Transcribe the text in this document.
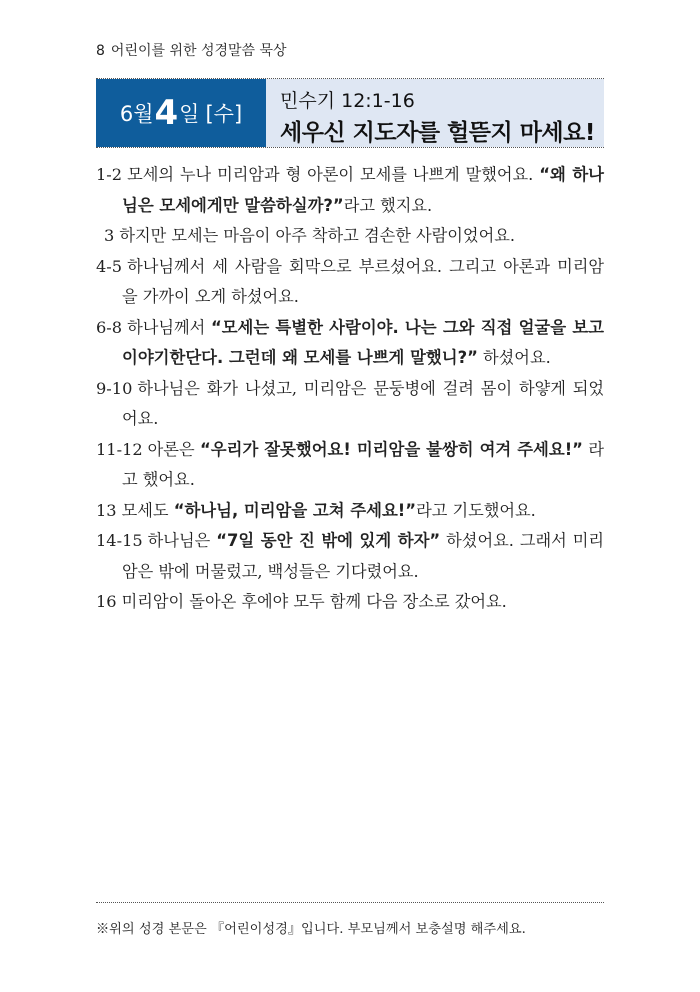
8 어린이를 위한 성경말씀 묵상
6월 4 일 [수]
민수기 12:1-16
세우신 지도자를 헐뜯지 마세요!
1-2 모세의 누나 미리암과 형 아론이 모세를 나쁘게 말했어요. “왜 하나님은 모세에게만 말씀하실까?”라고 했지요.
3 하지만 모세는 마음이 아주 착하고 겸손한 사람이었어요.
4-5 하나님께서 세 사람을 회막으로 부르셨어요. 그리고 아론과 미리암을 가까이 오게 하셨어요.
6-8 하나님께서 “모세는 특별한 사람이야. 나는 그와 직접 얼굴을 보고 이야기한단다. 그런데 왜 모세를 나쁘게 말했니?” 하셨어요.
9-10 하나님은 화가 나셨고, 미리암은 문둥병에 걸려 몸이 하얗게 되었어요.
11-12 아론은 “우리가 잘못했어요! 미리암을 불쌍히 여겨 주세요!” 라고 했어요.
13 모세도 “하나님, 미리암을 고쳐 주세요!”라고 기도했어요.
14-15 하나님은 “7일 동안 진 밖에 있게 하자” 하셨어요. 그래서 미리암은 밖에 머물렀고, 백성들은 기다렸어요.
16 미리암이 돌아온 후에야 모두 함께 다음 장소로 갔어요.
※위의 성경 본문은 『어린이성경』입니다. 부모님께서 보충설명 해주세요.
